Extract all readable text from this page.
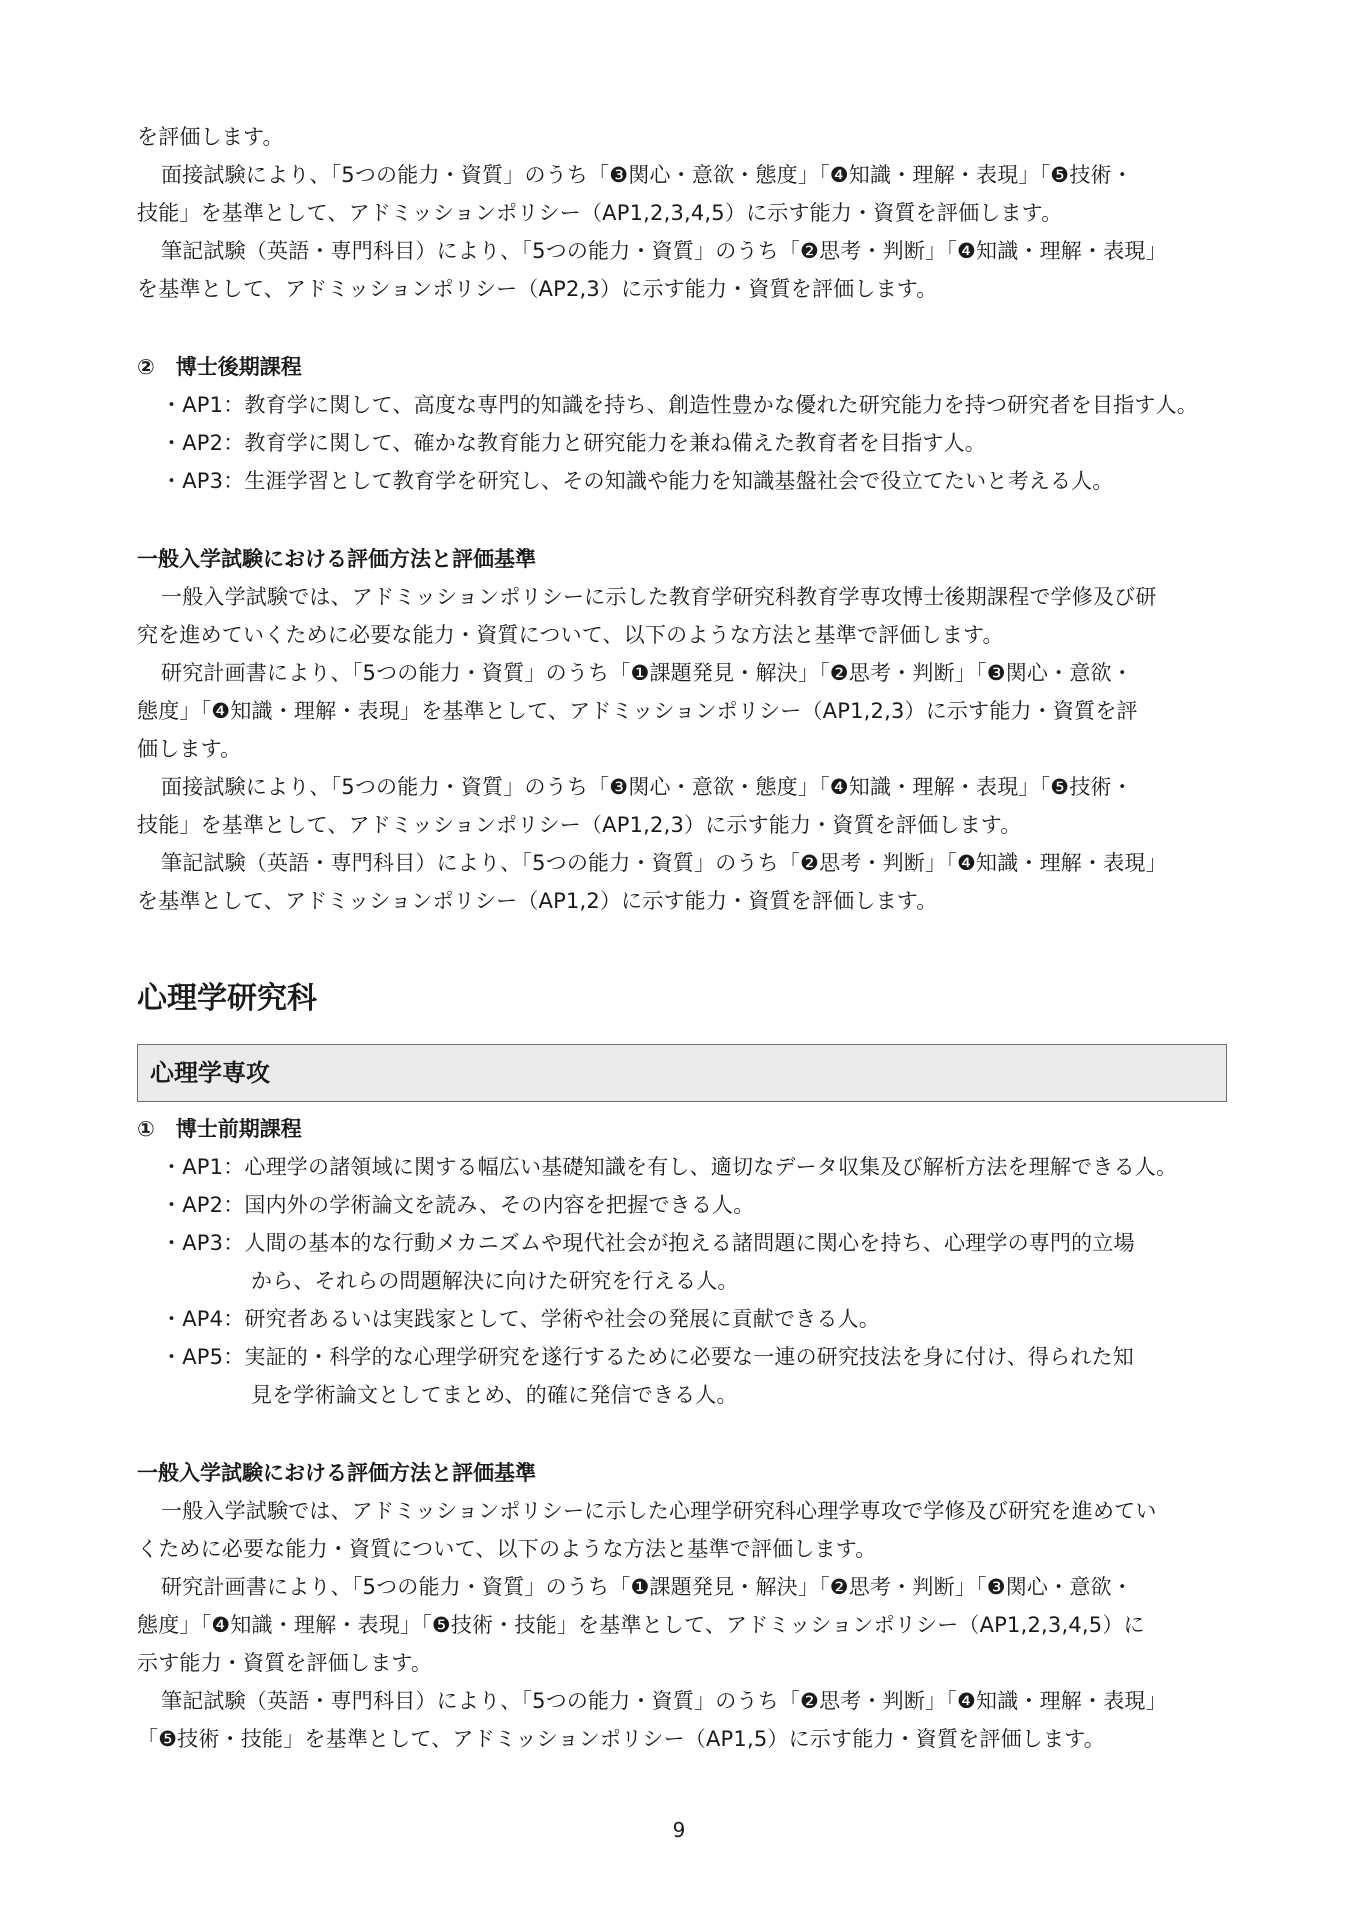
を評価します。
面接試験により、「5つの能力・資質」のうち「❸関心・意欲・態度」「❹知識・理解・表現」「❺技術・
技能」を基準として、アドミッションポリシー（AP1,2,3,4,5）に示す能力・資質を評価します。
筆記試験（英語・専門科目）により、「5つの能力・資質」のうち「❷思考・判断」「❹知識・理解・表現」
を基準として、アドミッションポリシー（AP2,3）に示す能力・資質を評価します。
②　博士後期課程
・AP1：教育学に関して、高度な専門的知識を持ち、創造性豊かな優れた研究能力を持つ研究者を目指す人。
・AP2：教育学に関して、確かな教育能力と研究能力を兼ね備えた教育者を目指す人。
・AP3：生涯学習として教育学を研究し、その知識や能力を知識基盤社会で役立てたいと考える人。
一般入学試験における評価方法と評価基準
一般入学試験では、アドミッションポリシーに示した教育学研究科教育学専攻博士後期課程で学修及び研
究を進めていくために必要な能力・資質について、以下のような方法と基準で評価します。
研究計画書により、「5つの能力・資質」のうち「❶課題発見・解決」「❷思考・判断」「❸関心・意欲・
態度」「❹知識・理解・表現」を基準として、アドミッションポリシー（AP1,2,3）に示す能力・資質を評
価します。
面接試験により、「5つの能力・資質」のうち「❸関心・意欲・態度」「❹知識・理解・表現」「❺技術・
技能」を基準として、アドミッションポリシー（AP1,2,3）に示す能力・資質を評価します。
筆記試験（英語・専門科目）により、「5つの能力・資質」のうち「❷思考・判断」「❹知識・理解・表現」
を基準として、アドミッションポリシー（AP1,2）に示す能力・資質を評価します。
心理学研究科
心理学専攻
①　博士前期課程
・AP1：心理学の諸領域に関する幅広い基礎知識を有し、適切なデータ収集及び解析方法を理解できる人。
・AP2：国内外の学術論文を読み、その内容を把握できる人。
・AP3：人間の基本的な行動メカニズムや現代社会が抱える諸問題に関心を持ち、心理学の専門的立場
から、それらの問題解決に向けた研究を行える人。
・AP4：研究者あるいは実践家として、学術や社会の発展に貢献できる人。
・AP5：実証的・科学的な心理学研究を遂行するために必要な一連の研究技法を身に付け、得られた知
見を学術論文としてまとめ、的確に発信できる人。
一般入学試験における評価方法と評価基準
一般入学試験では、アドミッションポリシーに示した心理学研究科心理学専攻で学修及び研究を進めてい
くために必要な能力・資質について、以下のような方法と基準で評価します。
研究計画書により、「5つの能力・資質」のうち「❶課題発見・解決」「❷思考・判断」「❸関心・意欲・
態度」「❹知識・理解・表現」「❺技術・技能」を基準として、アドミッションポリシー（AP1,2,3,4,5）に
示す能力・資質を評価します。
筆記試験（英語・専門科目）により、「5つの能力・資質」のうち「❷思考・判断」「❹知識・理解・表現」
「❺技術・技能」を基準として、アドミッションポリシー（AP1,5）に示す能力・資質を評価します。
9
